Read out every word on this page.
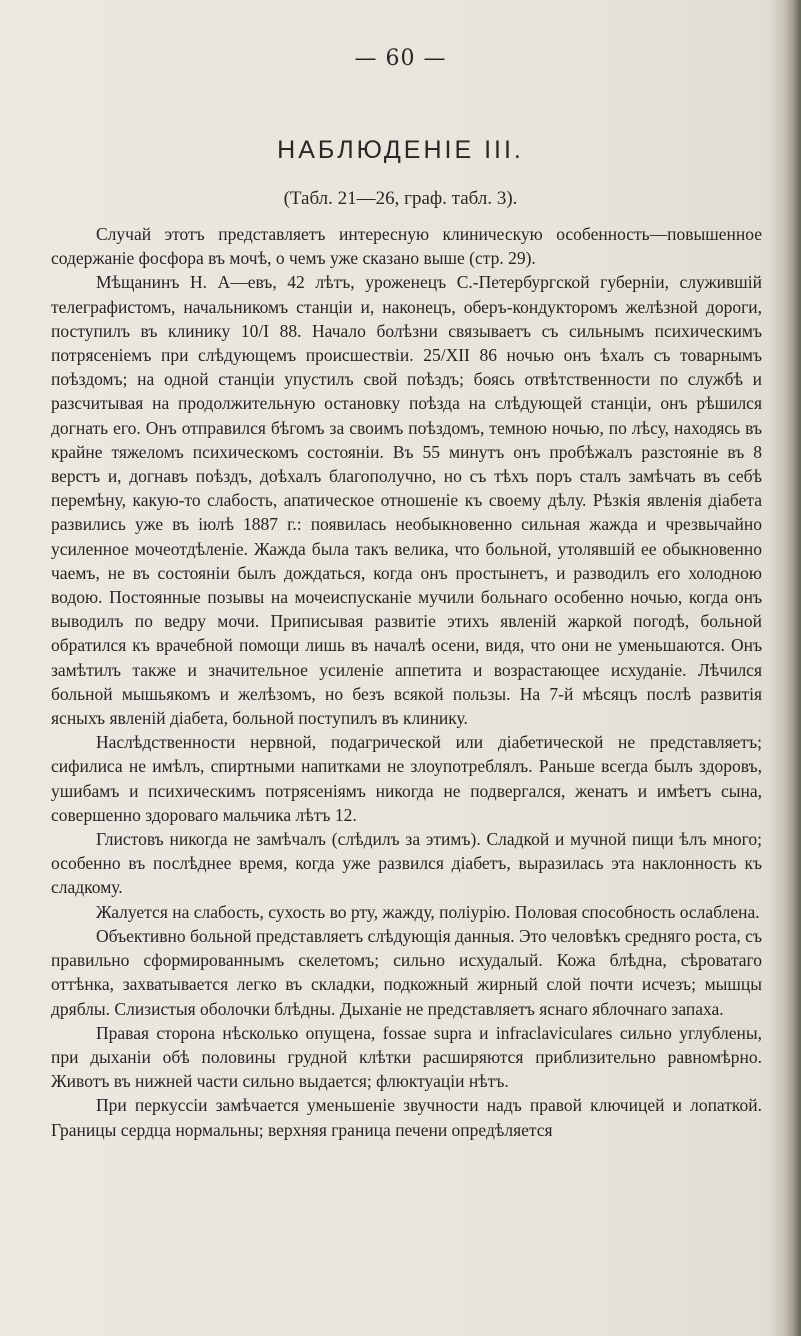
— 60 —
НАБЛЮДЕНІЕ III.
(Табл. 21—26, граф. табл. 3).

Случай этотъ представляетъ интересную клиническую особенность—повышенное содержаніе фосфора въ мочѣ, о чемъ уже сказано выше (стр. 29).

Мѣщанинъ Н. А—евъ, 42 лѣтъ, уроженецъ С.-Петербургской губерніи, служившій телеграфистомъ, начальникомъ станціи и, наконецъ, оберъ-кондукторомъ желѣзной дороги, поступилъ въ клинику 10/I 88. Начало болѣзни связываетъ съ сильнымъ психическимъ потрясеніемъ при слѣдующемъ происшествіи. 25/XII 86 ночью онъ ѣхалъ съ товарнымъ поѣздомъ; на одной станціи упустилъ свой поѣздъ; боясь отвѣтственности по службѣ и разсчитывая на продолжительную остановку поѣзда на слѣдующей станціи, онъ рѣшился догнать его. Онъ отправился бѣгомъ за своимъ поѣздомъ, темною ночью, по лѣсу, находясь въ крайне тяжеломъ психическомъ состояніи. Въ 55 минутъ онъ пробѣжалъ разстояніе въ 8 верстъ и, догнавъ поѣздъ, доѣхалъ благополучно, но съ тѣхъ поръ сталъ замѣчать въ себѣ перемѣну, какую-то слабость, апатическое отношеніе къ своему дѣлу. Рѣзкія явленія діабета развились уже въ іюлѣ 1887 г.: появилась необыкновенно сильная жажда и чрезвычайно усиленное мочеотдѣленіе. Жажда была такъ велика, что больной, утолявшій ее обыкновенно чаемъ, не въ состояніи былъ дождаться, когда онъ простынетъ, и разводилъ его холодною водою. Постоянные позывы на мочеиспусканіе мучили больнаго особенно ночью, когда онъ выводилъ по ведру мочи. Приписывая развитіе этихъ явленій жаркой погодѣ, больной обратился къ врачебной помощи лишь въ началѣ осени, видя, что они не уменьшаются. Онъ замѣтилъ также и значительное усиленіе аппетита и возрастающее исхуданіе. Лѣчился больной мышьякомъ и желѣзомъ, но безъ всякой пользы. На 7-й мѣсяцъ послѣ развитія ясныхъ явленій діабета, больной поступилъ въ клинику.

Наслѣдственности нервной, подагрической или діабетической не представляетъ; сифилиса не имѣлъ, спиртными напитками не злоупотреблялъ. Раньше всегда былъ здоровъ, ушибамъ и психическимъ потрясеніямъ никогда не подвергался, женатъ и имѣетъ сына, совершенно здороваго мальчика лѣтъ 12.

Глистовъ никогда не замѣчалъ (слѣдилъ за этимъ). Сладкой и мучной пищи ѣлъ много; особенно въ послѣднее время, когда уже развился діабетъ, выразилась эта наклонность къ сладкому.

Жалуется на слабость, сухость во рту, жажду, поліурію. Половая способность ослаблена.

Объективно больной представляетъ слѣдующія данныя. Это человѣкъ средняго роста, съ правильно сформированнымъ скелетомъ; сильно исхудалый. Кожа блѣдна, сѣроватаго оттѣнка, захватывается легко въ складки, подкожный жирный слой почти исчезъ; мышцы дряблы. Слизистыя оболочки блѣдны. Дыханіе не представляетъ яснаго яблочнаго запаха.

Правая сторона нѣсколько опущена, fossae supra и infraclaviculares сильно углублены, при дыханіи обѣ половины грудной клѣтки расширяются приблизительно равномѣрно. Животъ въ нижней части сильно выдается; флюктуаціи нѣтъ.

При перкуссіи замѣчается уменьшеніе звучности надъ правой ключицей и лопаткой. Границы сердца нормальны; верхняя граница печени опредѣляется
